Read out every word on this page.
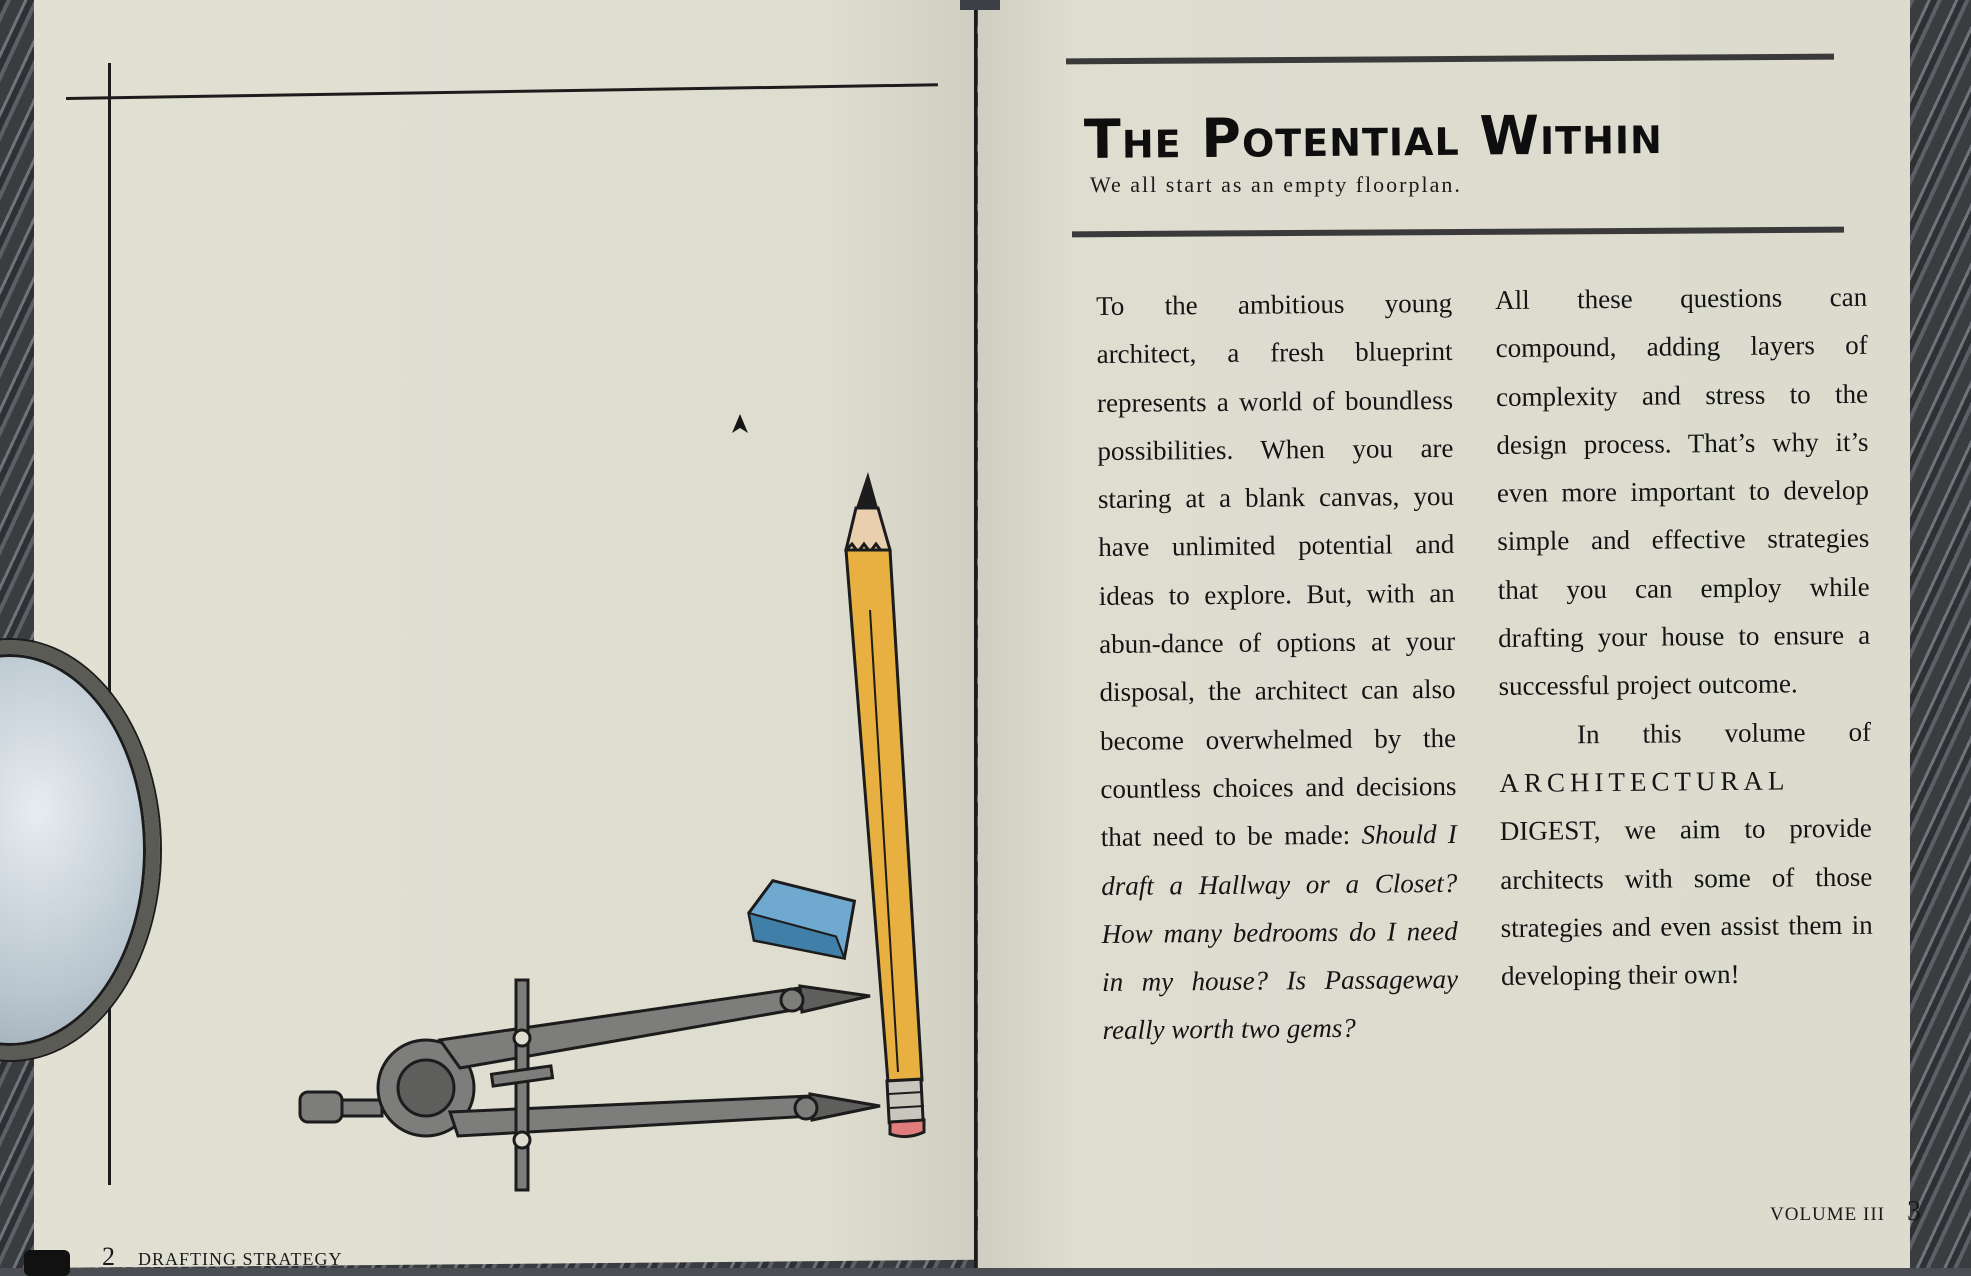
The Potential Within
We all start as an empty floorplan.

To the ambitious young architect, a fresh blueprint represents a world of boundless possibilities. When you are staring at a blank canvas, you have unlimited potential and ideas to explore. But, with an abun-dance of options at your disposal, the architect can also become overwhelmed by the countless choices and decisions that need to be made: Should I draft a Hallway or a Closet? How many bedrooms do I need in my house? Is Passageway really worth two gems?

All these questions can compound, adding layers of complexity and stress to the design process. That’s why it’s even more important to develop simple and effective strategies that you can employ while drafting your house to ensure a successful project outcome.

In this volume of ARCHITECTURAL DIGEST, we aim to provide architects with some of those strategies and even assist them in developing their own!

VOLUME III 3
2 DRAFTING STRATEGY
